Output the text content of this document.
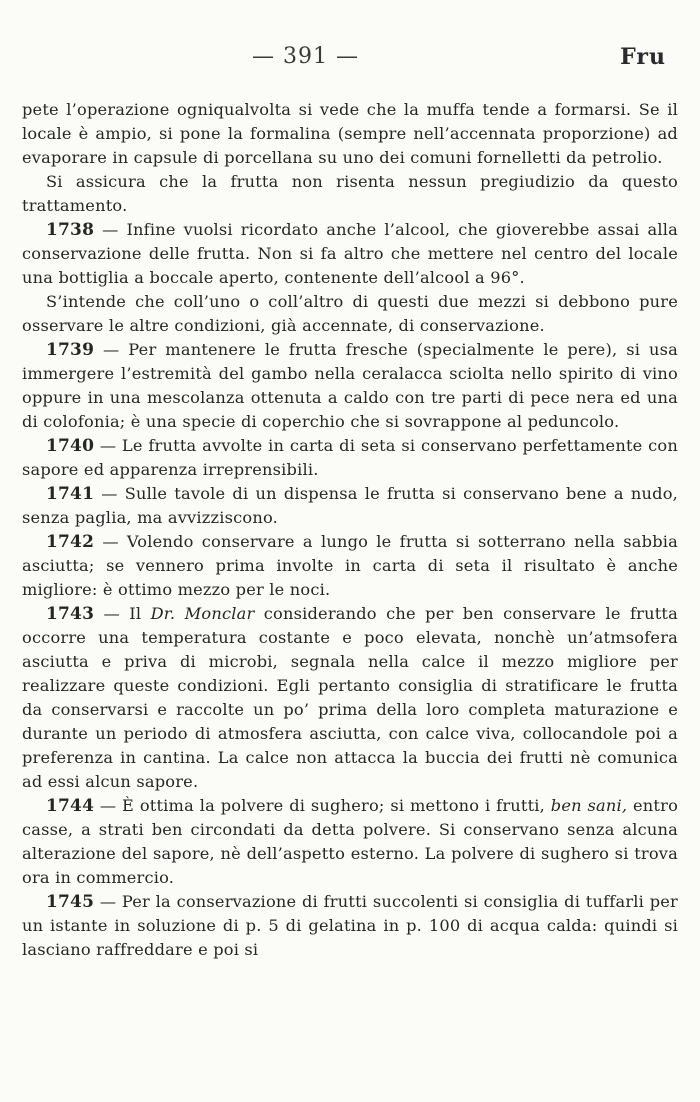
— 391 —	Fru

pete l’operazione ogniqualvolta si vede che la muffa tende a formarsi. Se il locale è ampio, si pone la formalina (sempre nell’accennata proporzione) ad evaporare in capsule di porcellana su uno dei comuni fornelletti da petrolio.

Si assicura che la frutta non risenta nessun pregiudizio da questo trattamento.

1738 — Infine vuolsi ricordato anche l’alcool, che gioverebbe assai alla conservazione delle frutta. Non si fa altro che mettere nel centro del locale una bottiglia a boccale aperto, contenente dell’alcool a 96°.

S’intende che coll’uno o coll’altro di questi due mezzi si debbono pure osservare le altre condizioni, già accennate, di conservazione.

1739 — Per mantenere le frutta fresche (specialmente le pere), si usa immergere l’estremità del gambo nella ceralacca sciolta nello spirito di vino oppure in una mescolanza ottenuta a caldo con tre parti di pece nera ed una di colofonia; è una specie di coperchio che si sovrappone al peduncolo.

1740 — Le frutta avvolte in carta di seta si conservano perfettamente con sapore ed apparenza irreprensibili.

1741 — Sulle tavole di un dispensa le frutta si conservano bene a nudo, senza paglia, ma avvizziscono.

1742 — Volendo conservare a lungo le frutta si sotterrano nella sabbia asciutta; se vennero prima involte in carta di seta il risultato è anche migliore: è ottimo mezzo per le noci.

1743 — Il Dr. Monclar considerando che per ben conservare le frutta occorre una temperatura costante e poco elevata, nonchè un’atmsofera asciutta e priva di microbi, segnala nella calce il mezzo migliore per realizzare queste condizioni. Egli pertanto consiglia di stratificare le frutta da conservarsi e raccolte un po’ prima della loro completa maturazione e durante un periodo di atmosfera asciutta, con calce viva, collocandole poi a preferenza in cantina. La calce non attacca la buccia dei frutti nè comunica ad essi alcun sapore.

1744 — È ottima la polvere di sughero; si mettono i frutti, ben sani, entro casse, a strati ben circondati da detta polvere. Si conservano senza alcuna alterazione del sapore, nè dell’aspetto esterno. La polvere di sughero si trova ora in commercio.

1745 — Per la conservazione di frutti succolenti si consiglia di tuffarli per un istante in soluzione di p. 5 di gelatina in p. 100 di acqua calda: quindi si lasciano raffreddare e poi si
